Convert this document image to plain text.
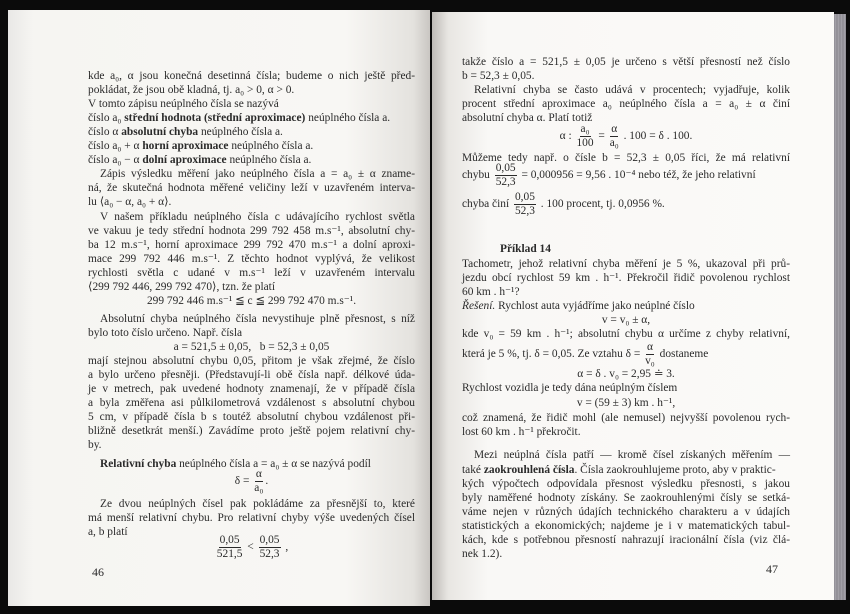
kde a₀, α jsou konečná desetinná čísla; budeme o nich ještě před-
pokládat, že jsou obě kladná, tj. a₀ > 0, α > 0.
V tomto zápisu neúplného čísla se nazývá
číslo a₀ střední hodnota (střední aproximace) neúplného čísla a.
číslo α absolutní chyba neúplného čísla a.
číslo a₀ + α horní aproximace neúplného čísla a.
číslo a₀ − α dolní aproximace neúplného čísla a.
Zápis výsledku měření jako neúplného čísla a = a₀ ± α zname-
ná, že skutečná hodnota měřené veličiny leží v uzavřeném interva-
lu ⟨a₀ − α, a₀ + α⟩.
V našem příkladu neúplného čísla c udávajícího rychlost světla
ve vakuu je tedy střední hodnota 299 792 458 m.s⁻¹, absolutní chy-
ba 12 m.s⁻¹, horní aproximace 299 792 470 m.s⁻¹ a dolní aproxi-
mace 299 792 446 m.s⁻¹. Z těchto hodnot vyplývá, že velikost
rychlosti světla c udané v m.s⁻¹ leží v uzavřeném intervalu
⟨299 792 446, 299 792 470⟩, tzn. že platí
299 792 446 m.s⁻¹ ≦ c ≦ 299 792 470 m.s⁻¹.
Absolutní chyba neúplného čísla nevystihuje plně přesnost, s níž
bylo toto číslo určeno. Např. čísla
a = 521,5 ± 0,05,   b = 52,3 ± 0,05
mají stejnou absolutní chybu 0,05, přitom je však zřejmé, že číslo
a bylo určeno přesněji. (Představují-li obě čísla např. délkové úda-
je v metrech, pak uvedené hodnoty znamenají, že v případě čísla
a byla změřena asi půlkilometrová vzdálenost s absolutní chybou
5 cm, v případě čísla b s toutéž absolutní chybou vzdálenost při-
bližně desetkrát menší.) Zavádíme proto ještě pojem relativní chy-
by.
Relativní chyba neúplného čísla a = a₀ ± α se nazývá podíl
$\delta = \frac{\alpha}{\text{a₀}}$ .
Ze dvou neúplných čísel pak pokládáme za přesnější to, které
má menší relativní chybu. Pro relativní chyby výše uvedených čísel
a, b platí
$\frac{0,05}{521,5} < \frac{0,05}{52,3}$ ,
46
takže číslo a = 521,5 ± 0,05 je určeno s větší přesností než číslo
b = 52,3 ± 0,05.
Relativní chyba se často udává v procentech; vyjadřuje, kolik
procent střední aproximace a₀ neúplného čísla a = a₀ ± α činí
absolutní chyba α. Platí totiž
α : $\frac{\text{a₀}}{100} = \frac{\alpha}{\text{a₀}}$ . 100 = δ . 100.
Můžeme tedy např. o čísle b = 52,3 ± 0,05 říci, že má relativní
chybu $\frac{0,05}{52,3} = 0,000956 = 9,56$ . 10⁻⁴ nebo též, že jeho relativní
chyba činí $\frac{0,05}{52,3}$ . 100 procent, tj. 0,0956 %.
Příklad 14
Tachometr, jehož relativní chyba měření je 5 %, ukazoval při prů-
jezdu obcí rychlost 59 km . h⁻¹. Překročil řidič povolenou rychlost
60 km . h⁻¹?
Řešení. Rychlost auta vyjádříme jako neúplné číslo
v = v₀ ± α,
kde v₀ = 59 km . h⁻¹; absolutní chybu α určíme z chyby relativní,
která je 5 %, tj. δ = 0,05. Ze vztahu $\delta = \frac{\alpha}{\text{v₀}}$ dostaneme
α = δ . v₀ = 2,95 ≐ 3.
Rychlost vozidla je tedy dána neúplným číslem
v = (59 ± 3) km . h⁻¹,
což znamená, že řidič mohl (ale nemusel) nejvyšší povolenou rych-
lost 60 km . h⁻¹ překročit.
Mezi neúplná čísla patří — kromě čísel získaných měřením —
také zaokrouhlená čísla. Čísla zaokrouhlujeme proto, aby v praktic-
kých výpočtech odpovídala přesnost výsledku přesnosti, s jakou
byly naměřené hodnoty získány. Se zaokrouhlenými čísly se setká-
váme nejen v různých údajích technického charakteru a v údajích
statistických a ekonomických; najdeme je i v matematických tabul-
kách, kde s potřebnou přesností nahrazují iracionální čísla (viz člá-
nek 1.2).
47
